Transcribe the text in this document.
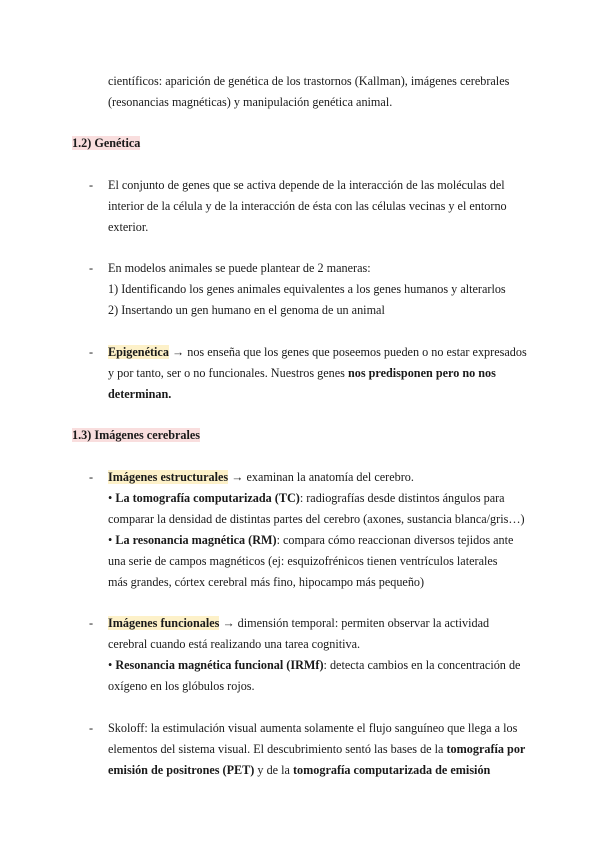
científicos: aparición de genética de los trastornos (Kallman), imágenes cerebrales
(resonancias magnéticas) y manipulación genética animal.
1.2) Genética
- El conjunto de genes que se activa depende de la interacción de las moléculas del
interior de la célula y de la interacción de ésta con las células vecinas y el entorno
exterior.
- En modelos animales se puede plantear de 2 maneras:
1) Identificando los genes animales equivalentes a los genes humanos y alterarlos
2) Insertando un gen humano en el genoma de un animal
- Epigenética → nos enseña que los genes que poseemos pueden o no estar expresados
y por tanto, ser o no funcionales. Nuestros genes nos predisponen pero no nos
determinan.
1.3) Imágenes cerebrales
- Imágenes estructurales → examinan la anatomía del cerebro.
• La tomografía computarizada (TC): radiografías desde distintos ángulos para
comparar la densidad de distintas partes del cerebro (axones, sustancia blanca/gris…)
• La resonancia magnética (RM): compara cómo reaccionan diversos tejidos ante
una serie de campos magnéticos (ej: esquizofrénicos tienen ventrículos laterales
más grandes, córtex cerebral más fino, hipocampo más pequeño)
- Imágenes funcionales → dimensión temporal: permiten observar la actividad
cerebral cuando está realizando una tarea cognitiva.
• Resonancia magnética funcional (IRMf): detecta cambios en la concentración de
oxígeno en los glóbulos rojos.
- Skoloff: la estimulación visual aumenta solamente el flujo sanguíneo que llega a los
elementos del sistema visual. El descubrimiento sentó las bases de la tomografía por
emisión de positrones (PET) y de la tomografía computarizada de emisión
